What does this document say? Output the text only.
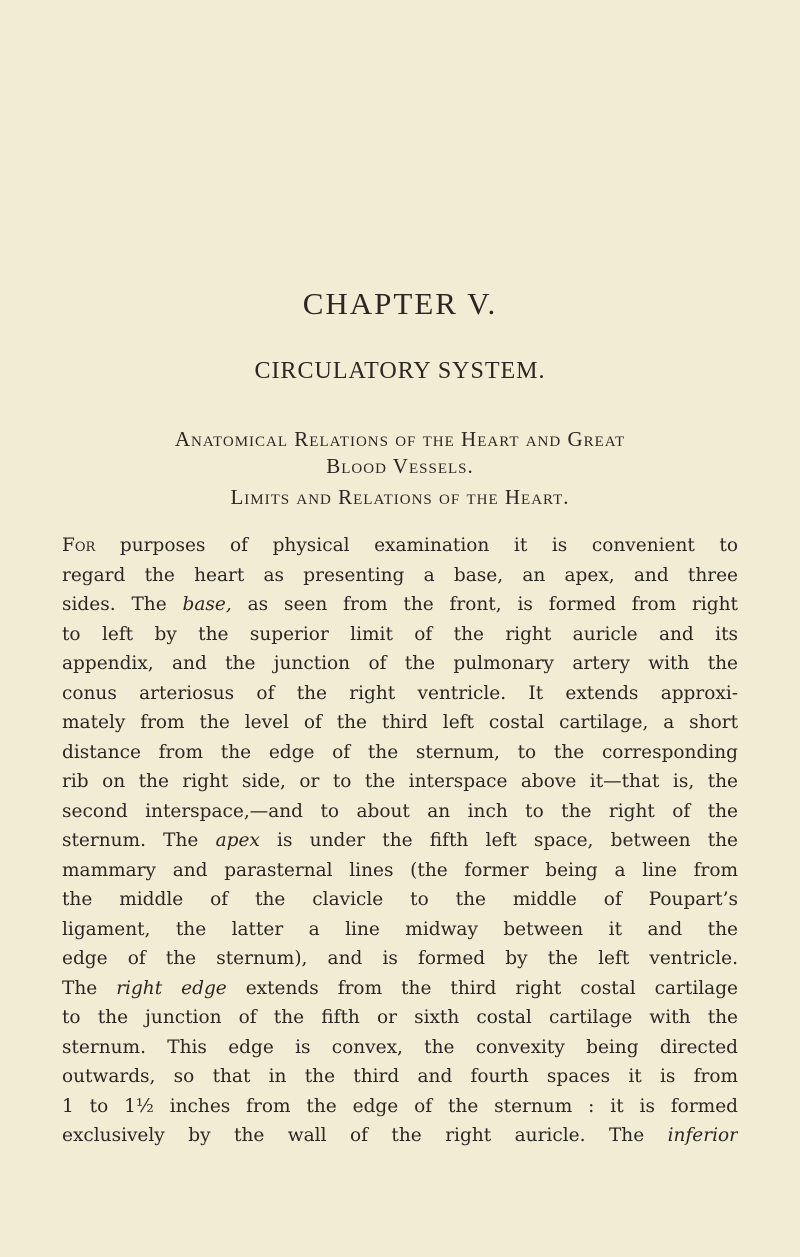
CHAPTER V.
CIRCULATORY SYSTEM.
Anatomical Relations of the Heart and Great
Blood Vessels.
Limits and Relations of the Heart.
For purposes of physical examination it is convenient to
regard the heart as presenting a base, an apex, and three
sides. The base, as seen from the front, is formed from right
to left by the superior limit of the right auricle and its
appendix, and the junction of the pulmonary artery with the
conus arteriosus of the right ventricle. It extends approxi-
mately from the level of the third left costal cartilage, a short
distance from the edge of the sternum, to the corresponding
rib on the right side, or to the interspace above it—that is, the
second interspace,—and to about an inch to the right of the
sternum. The apex is under the fifth left space, between the
mammary and parasternal lines (the former being a line from
the middle of the clavicle to the middle of Poupart’s
ligament, the latter a line midway between it and the
edge of the sternum), and is formed by the left ventricle.
The right edge extends from the third right costal cartilage
to the junction of the fifth or sixth costal cartilage with the
sternum. This edge is convex, the convexity being directed
outwards, so that in the third and fourth spaces it is from
1 to 1½ inches from the edge of the sternum : it is formed
exclusively by the wall of the right auricle. The inferior
